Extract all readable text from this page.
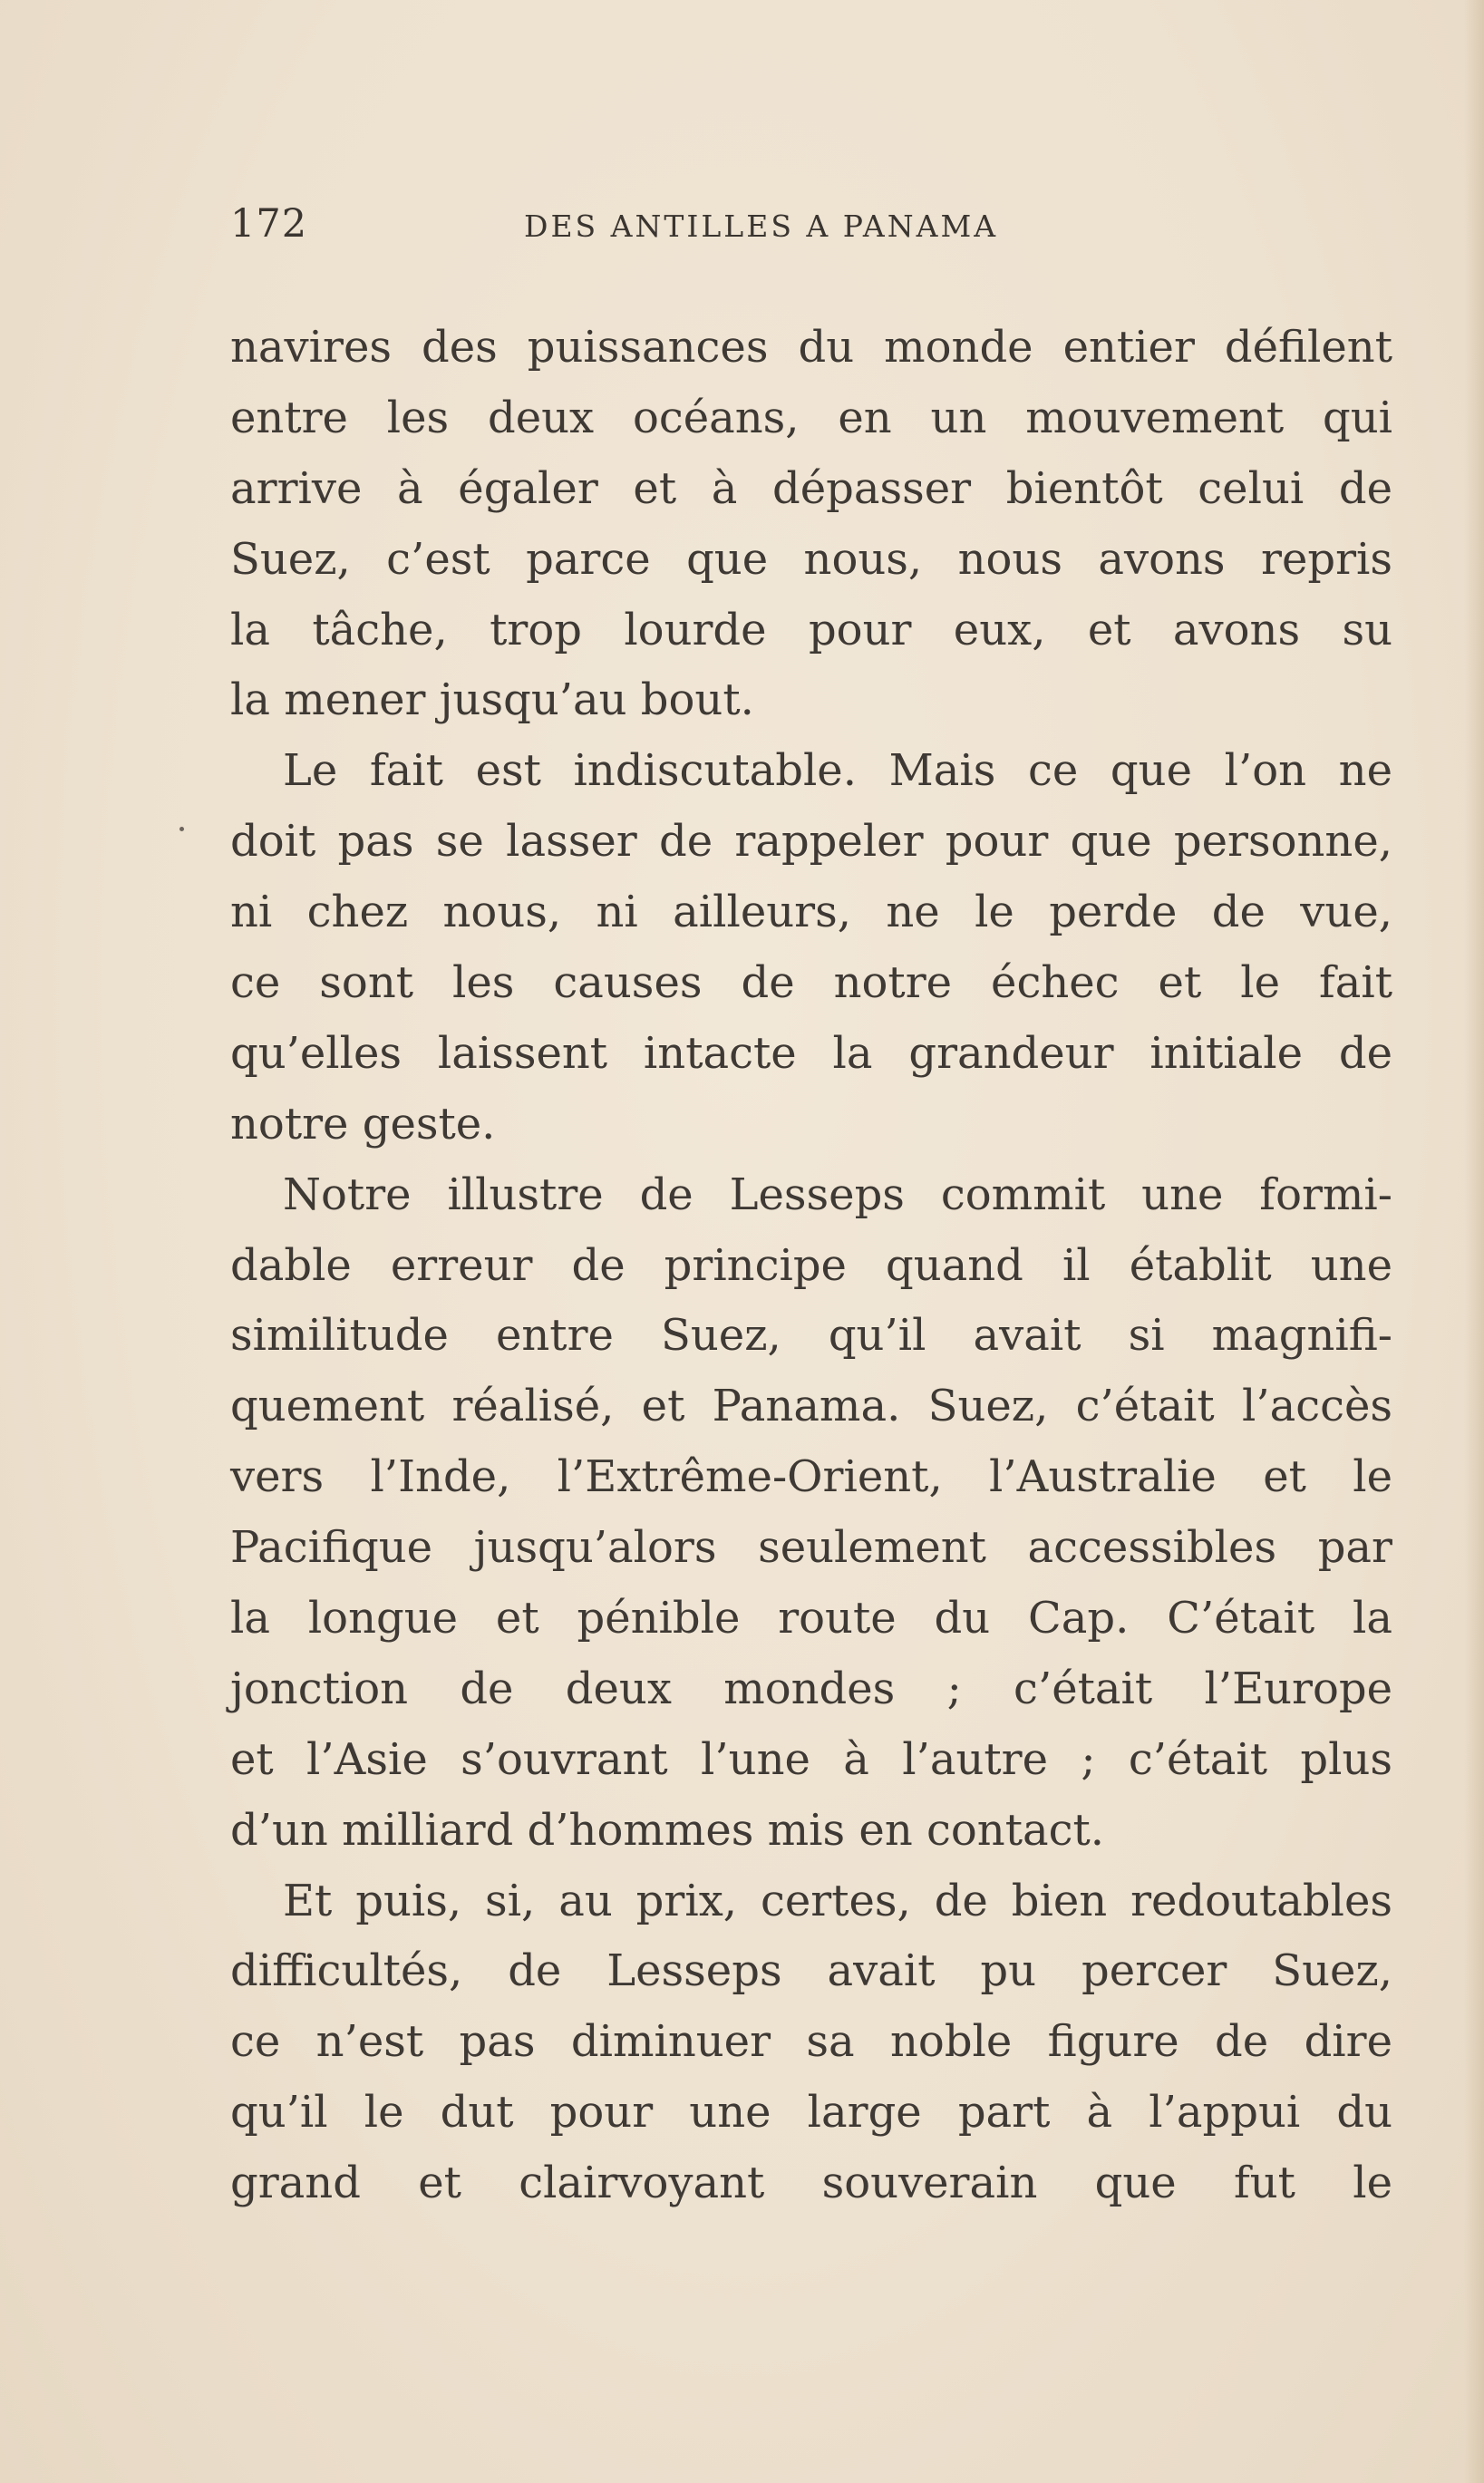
172	DES ANTILLES A PANAMA
navires des puissances du monde entier défilent
entre les deux océans, en un mouvement qui
arrive à égaler et à dépasser bientôt celui de
Suez, c’est parce que nous, nous avons repris
la tâche, trop lourde pour eux, et avons su
la mener jusqu’au bout.
Le fait est indiscutable. Mais ce que l’on ne
doit pas se lasser de rappeler pour que personne,
ni chez nous, ni ailleurs, ne le perde de vue,
ce sont les causes de notre échec et le fait
qu’elles laissent intacte la grandeur initiale de
notre geste.
Notre illustre de Lesseps commit une formi-
dable erreur de principe quand il établit une
similitude entre Suez, qu’il avait si magnifi-
quement réalisé, et Panama. Suez, c’était l’accès
vers l’Inde, l’Extrême-Orient, l’Australie et le
Pacifique jusqu’alors seulement accessibles par
la longue et pénible route du Cap. C’était la
jonction de deux mondes ; c’était l’Europe
et l’Asie s’ouvrant l’une à l’autre ; c’était plus
d’un milliard d’hommes mis en contact.
Et puis, si, au prix, certes, de bien redoutables
difficultés, de Lesseps avait pu percer Suez,
ce n’est pas diminuer sa noble figure de dire
qu’il le dut pour une large part à l’appui du
grand et clairvoyant souverain que fut le
